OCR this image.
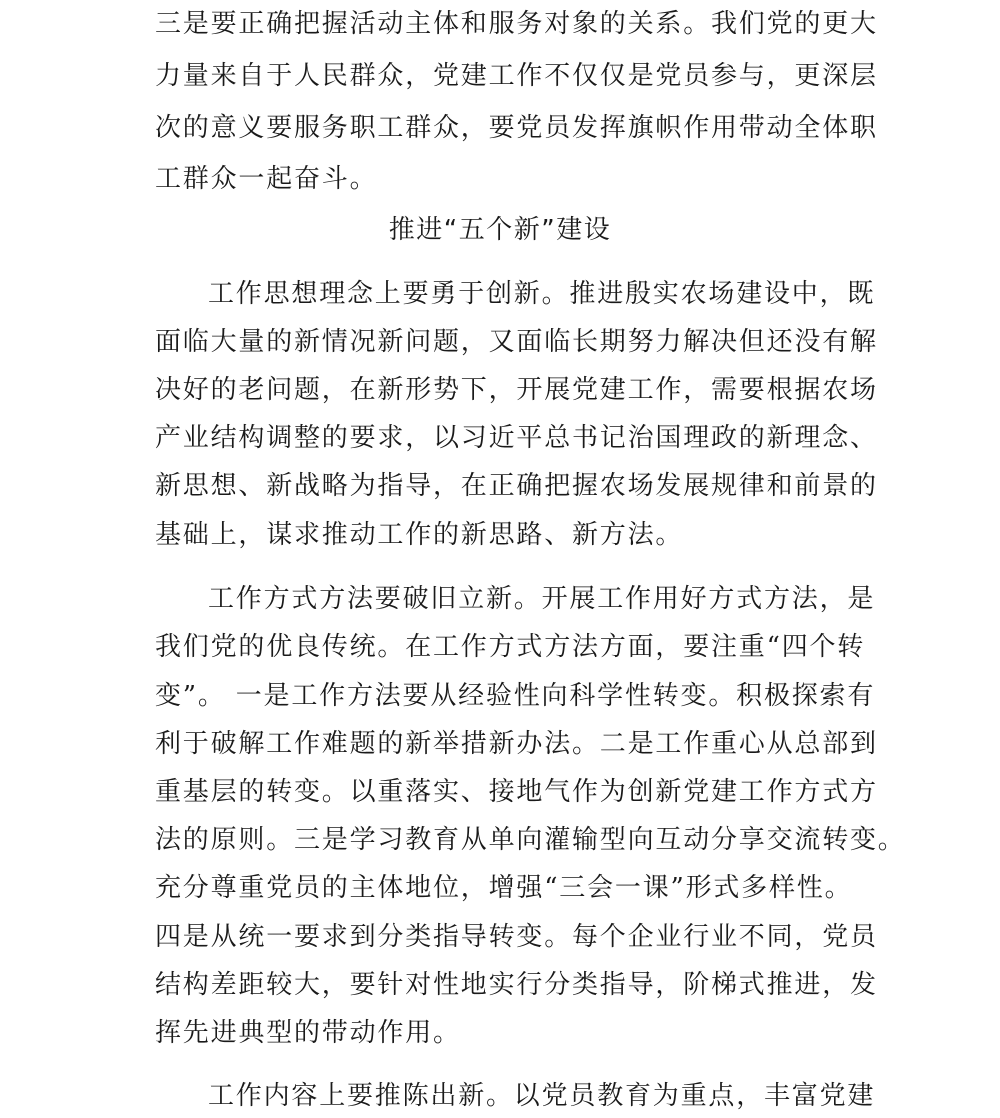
三是要正确把握活动主体和服务对象的关系。我们党的更大
力量来自于人民群众，党建工作不仅仅是党员参与，更深层
次的意义要服务职工群众，要党员发挥旗帜作用带动全体职
工群众一起奋斗。
推进“五个新”建设
工作思想理念上要勇于创新。推进殷实农场建设中，既
面临大量的新情况新问题，又面临长期努力解决但还没有解
决好的老问题，在新形势下，开展党建工作，需要根据农场
产业结构调整的要求，以习近平总书记治国理政的新理念、
新思想、新战略为指导，在正确把握农场发展规律和前景的
基础上，谋求推动工作的新思路、新方法。
工作方式方法要破旧立新。开展工作用好方式方法，是
我们党的优良传统。在工作方式方法方面，要注重“四个转
变”。 一是工作方法要从经验性向科学性转变。积极探索有
利于破解工作难题的新举措新办法。二是工作重心从总部到
重基层的转变。以重落实、接地气作为创新党建工作方式方
法的原则。三是学习教育从单向灌输型向互动分享交流转变。
充分尊重党员的主体地位，增强“三会一课”形式多样性。
四是从统一要求到分类指导转变。每个企业行业不同，党员
结构差距较大，要针对性地实行分类指导，阶梯式推进，发
挥先进典型的带动作用。
工作内容上要推陈出新。以党员教育为重点，丰富党建
